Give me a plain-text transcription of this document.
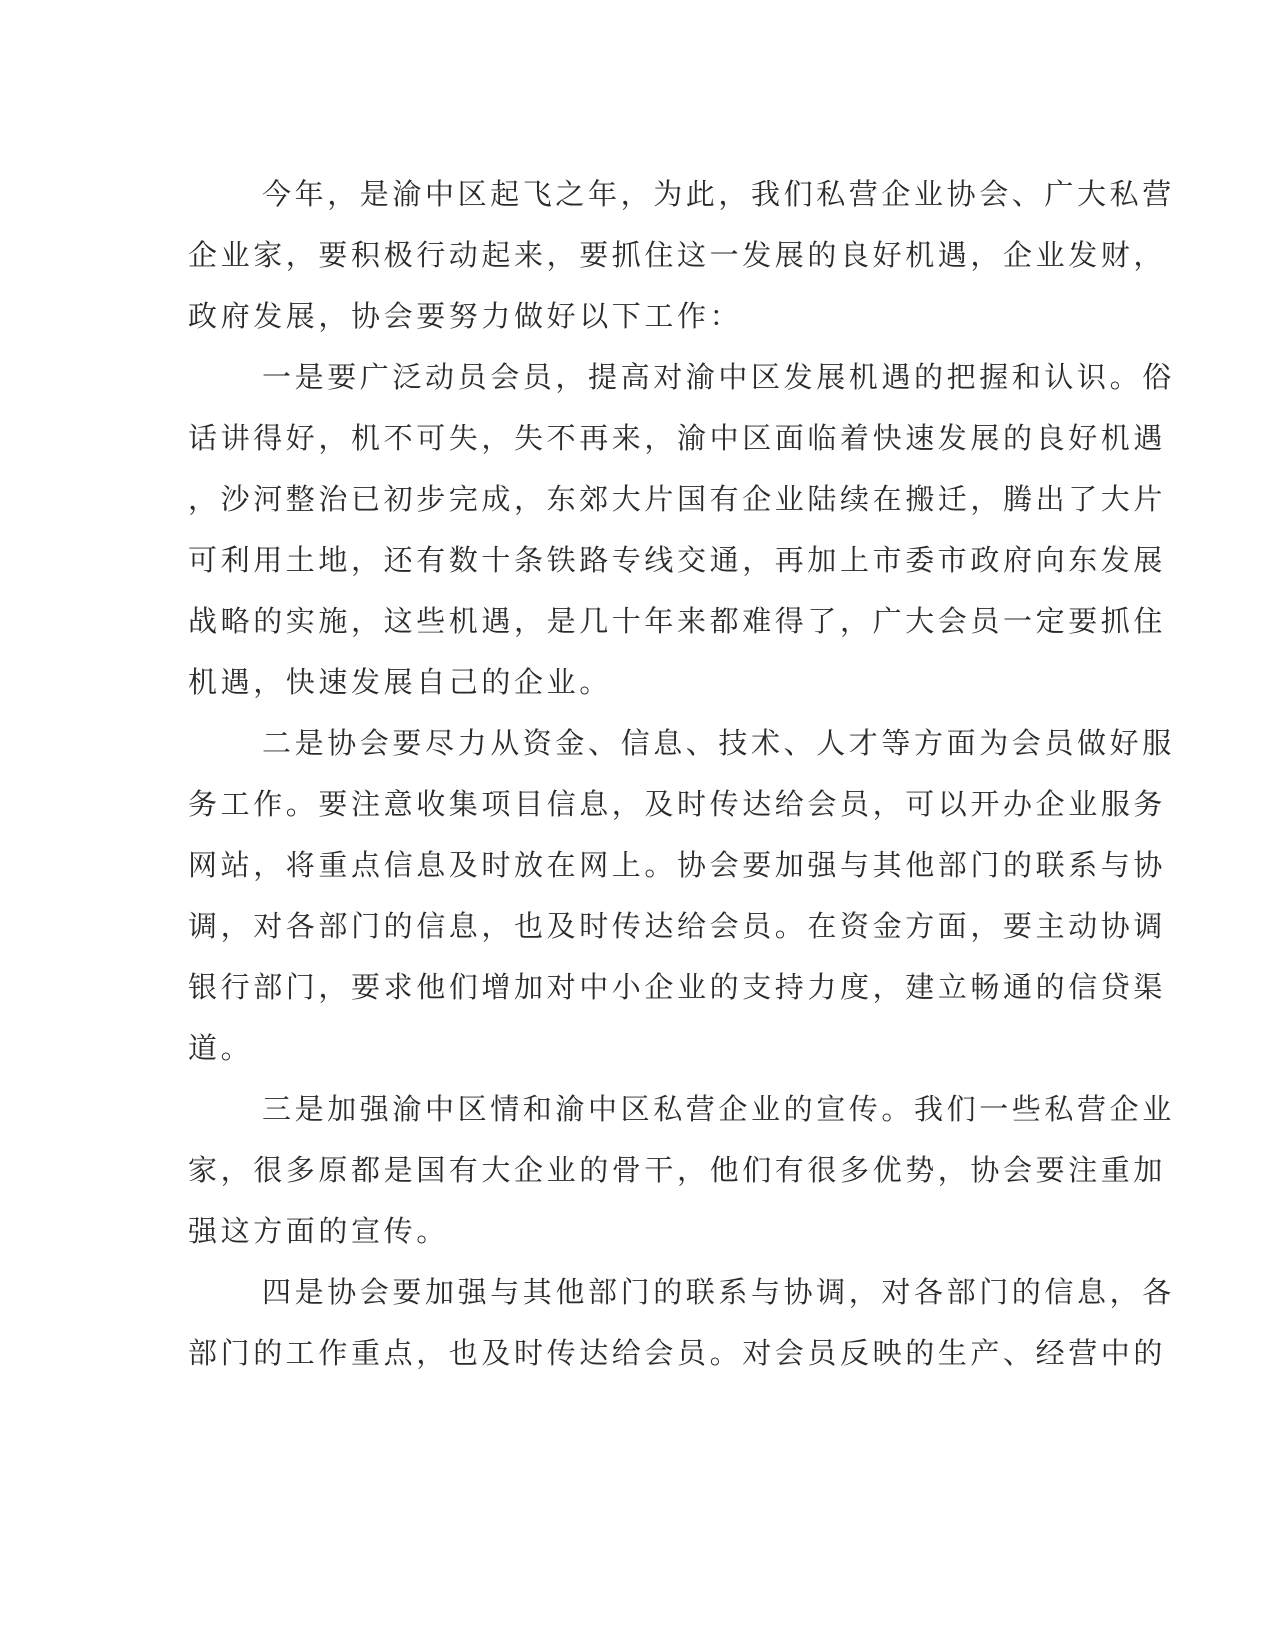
今年，是渝中区起飞之年，为此，我们私营企业协会、广大私营
企业家，要积极行动起来，要抓住这一发展的良好机遇，企业发财，
政府发展，协会要努力做好以下工作：
一是要广泛动员会员，提高对渝中区发展机遇的把握和认识。俗
话讲得好，机不可失，失不再来，渝中区面临着快速发展的良好机遇
，沙河整治已初步完成，东郊大片国有企业陆续在搬迁，腾出了大片
可利用土地，还有数十条铁路专线交通，再加上市委市政府向东发展
战略的实施，这些机遇，是几十年来都难得了，广大会员一定要抓住
机遇，快速发展自己的企业。
二是协会要尽力从资金、信息、技术、人才等方面为会员做好服
务工作。要注意收集项目信息，及时传达给会员，可以开办企业服务
网站，将重点信息及时放在网上。协会要加强与其他部门的联系与协
调，对各部门的信息，也及时传达给会员。在资金方面，要主动协调
银行部门，要求他们增加对中小企业的支持力度，建立畅通的信贷渠
道。
三是加强渝中区情和渝中区私营企业的宣传。我们一些私营企业
家，很多原都是国有大企业的骨干，他们有很多优势，协会要注重加
强这方面的宣传。
四是协会要加强与其他部门的联系与协调，对各部门的信息，各
部门的工作重点，也及时传达给会员。对会员反映的生产、经营中的
